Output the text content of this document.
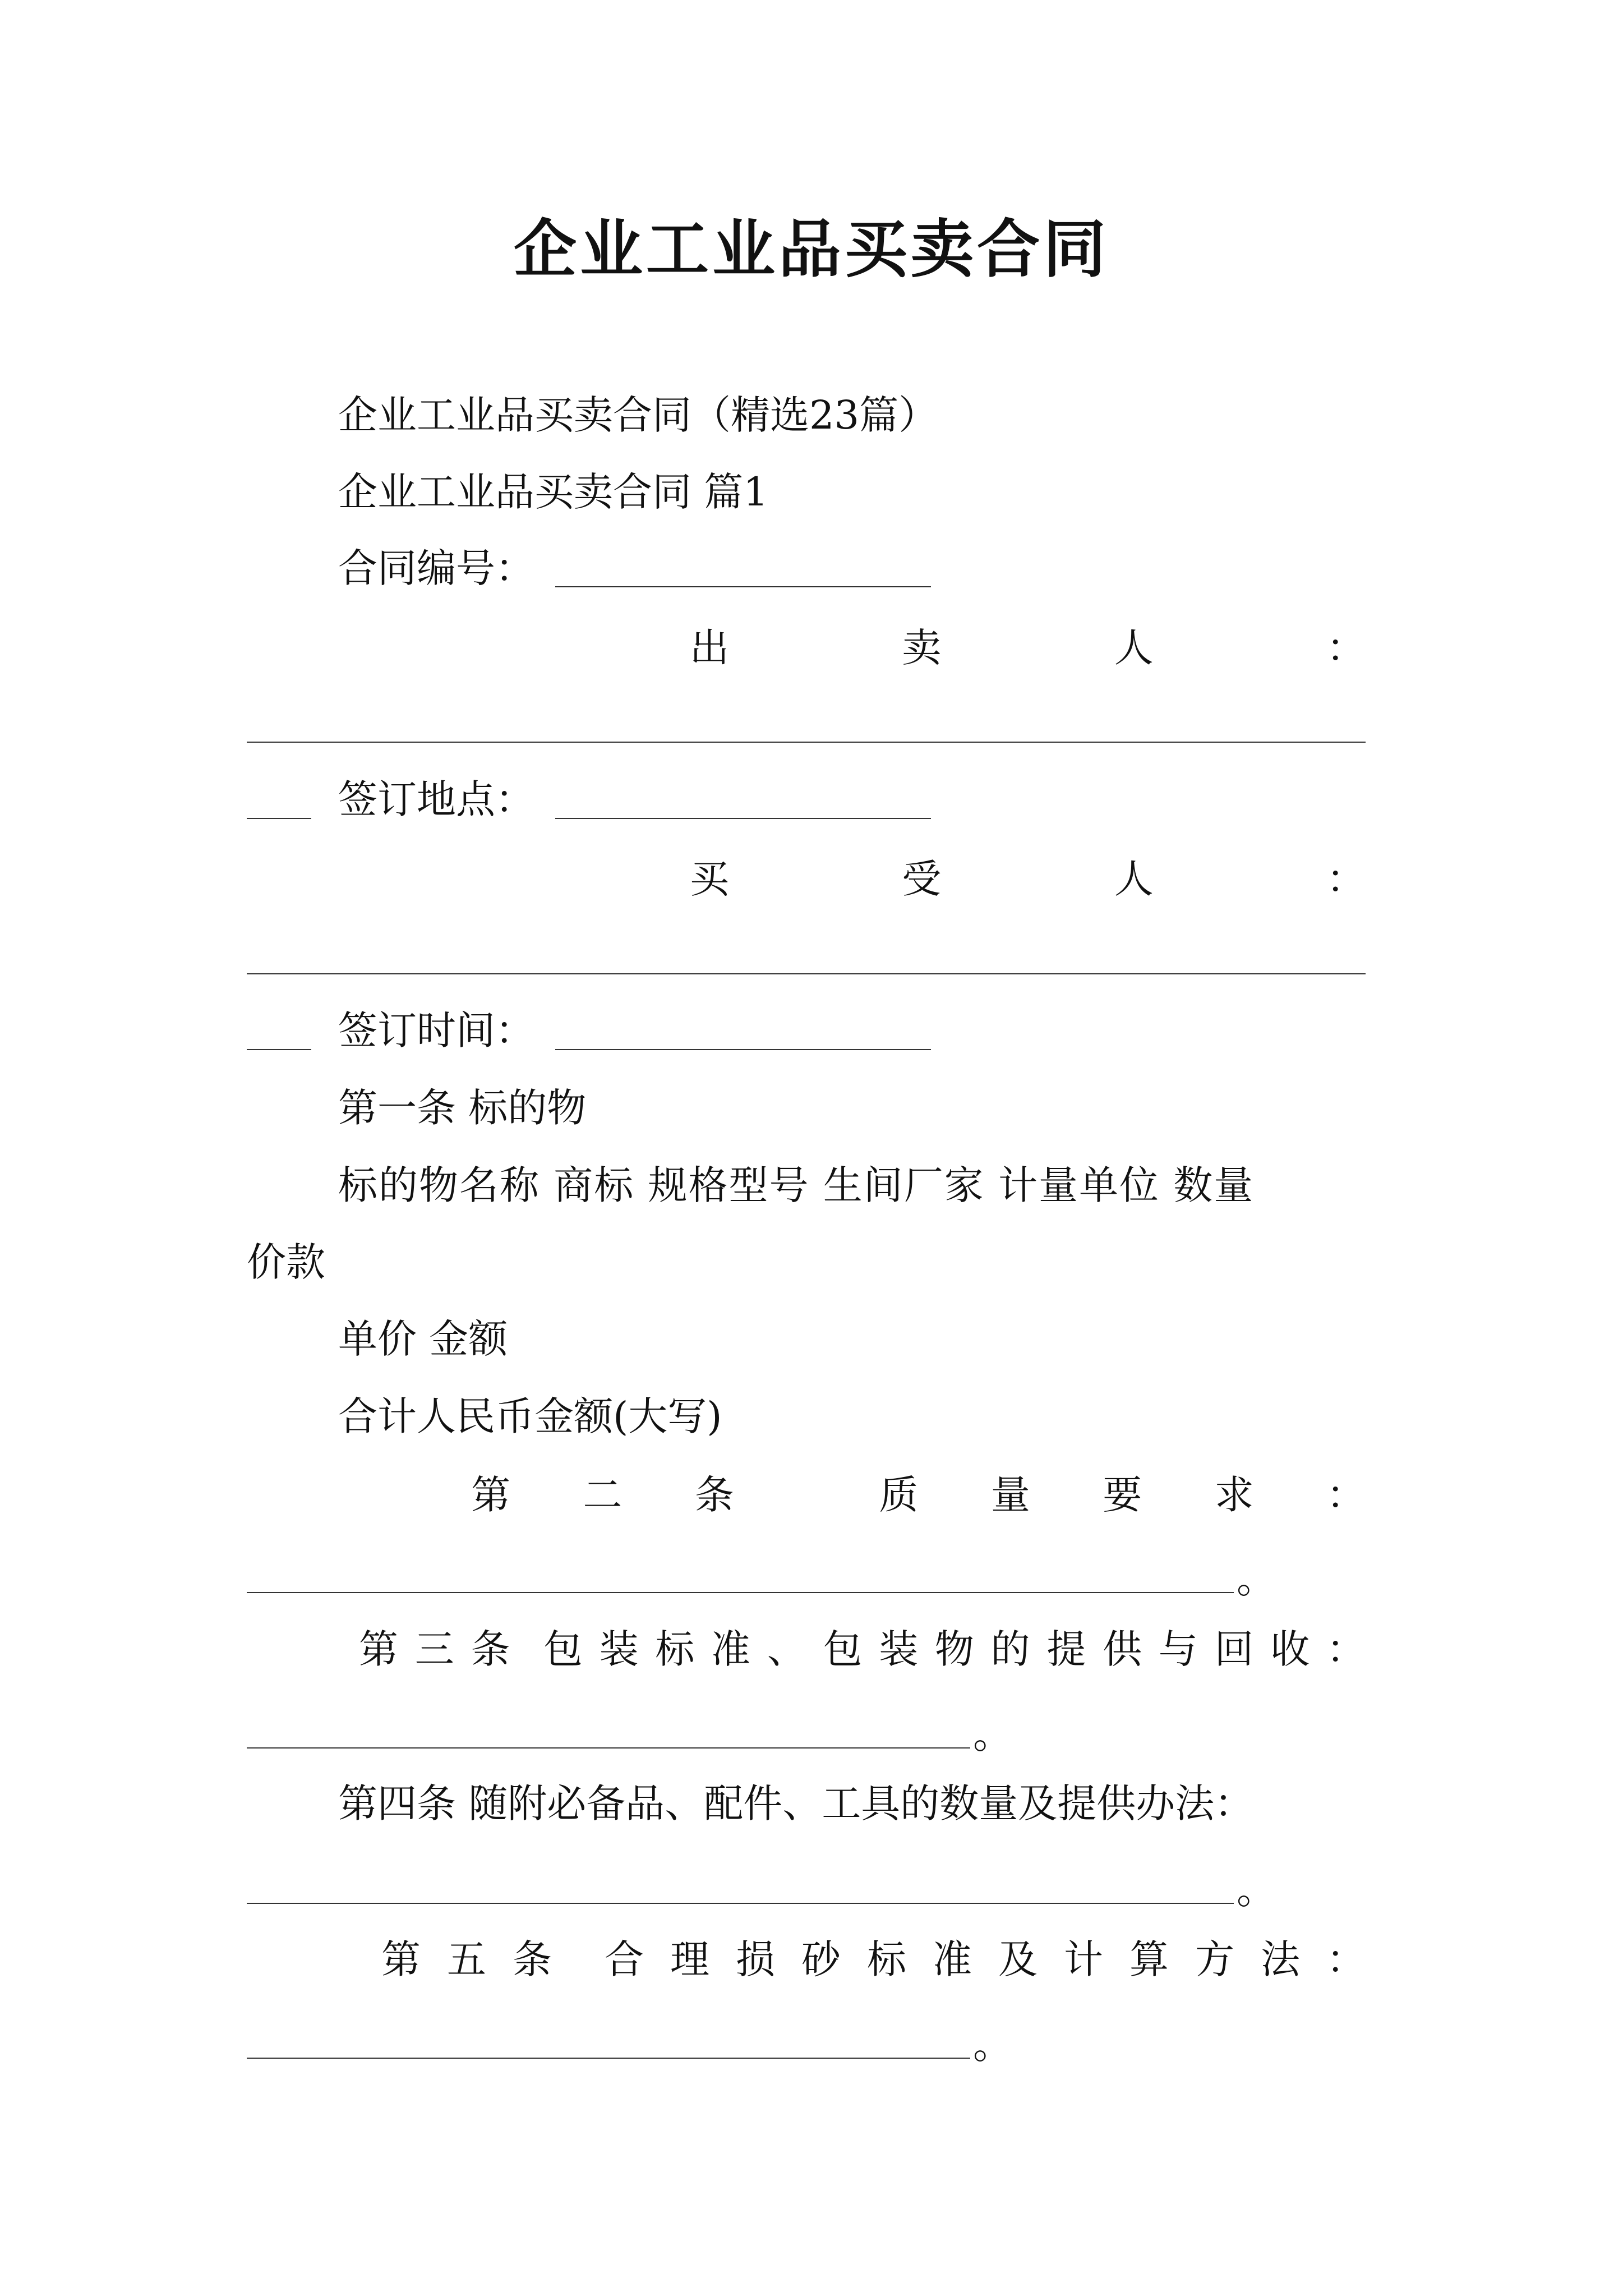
企业工业品买卖合同
企业工业品买卖合同（精选23篇）
企业工业品买卖合同 篇1
合同编号：
出	卖	人	：
签订地点：
买	受	人	：
签订时间：
第一条 标的物
标的物名称 商标 规格型号 生间厂家 计量单位 数量
价款
单价 金额
合计人民币金额(大写)
第 二 条	质 量 要 求 ：
。
第 三 条 包 装 标 准 、 包 装 物 的 提 供 与 回 收 ：
。
第四条 随附必备品、配件、工具的数量及提供办法：
。
第 五 条 合 理 损 砂 标 准 及 计 算 方 法 ：
。
